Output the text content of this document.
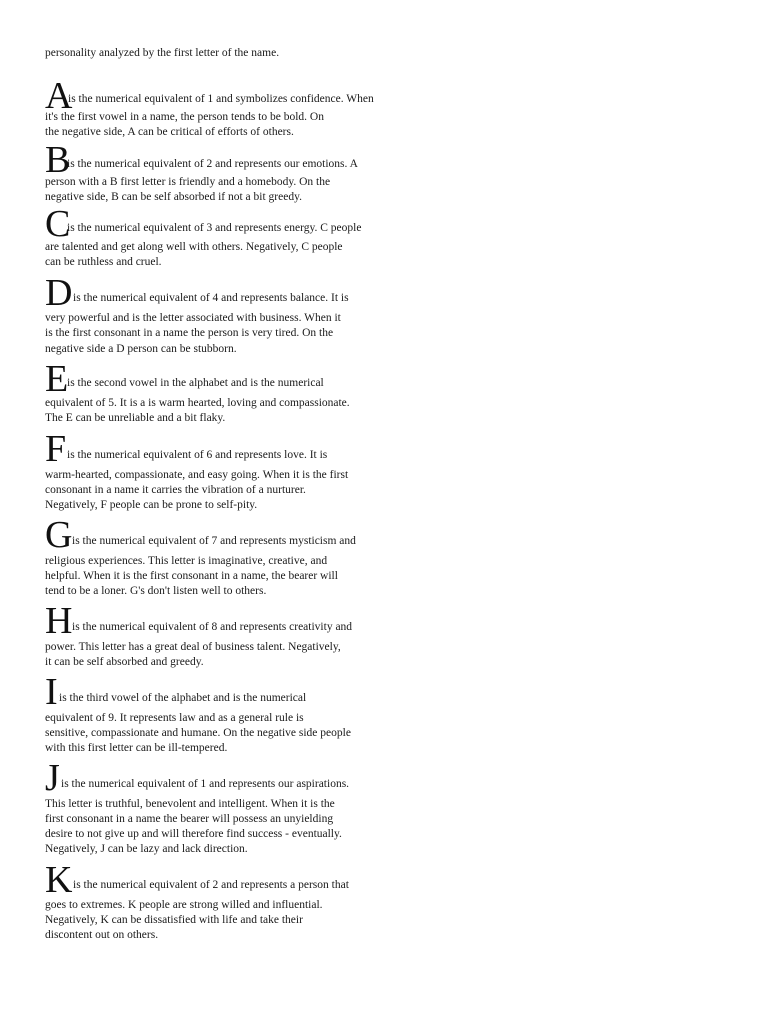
personality analyzed by the first letter of the name.
A
is the numerical equivalent of 1 and symbolizes confidence. When
it's the first vowel in a name, the person tends to be bold. On
the negative side, A can be critical of efforts of others.
B
is the numerical equivalent of 2 and represents our emotions. A
person with a B first letter is friendly and a homebody. On the
negative side, B can be self absorbed if not a bit greedy.
C
is the numerical equivalent of 3 and represents energy. C people
are talented and get along well with others. Negatively, C people
can be ruthless and cruel.
D is the numerical equivalent of 4 and represents balance. It is
very powerful and is the letter associated with business. When it
is the first consonant in a name the person is very tired. On the
negative side a D person can be stubborn.
E
is the second vowel in the alphabet and is the numerical
equivalent of 5. It is a is warm hearted, loving and compassionate.
The E can be unreliable and a bit flaky.
F is the numerical equivalent of 6 and represents love. It is
warm-hearted, compassionate, and easy going. When it is the first
consonant in a name it carries the vibration of a nurturer.
Negatively, F people can be prone to self-pity.
G is the numerical equivalent of 7 and represents mysticism and
religious experiences. This letter is imaginative, creative, and
helpful. When it is the first consonant in a name, the bearer will
tend to be a loner. G's don't listen well to others.
H is the numerical equivalent of 8 and represents creativity and
power. This letter has a great deal of business talent. Negatively,
it can be self absorbed and greedy.
I is the third vowel of the alphabet and is the numerical
equivalent of 9. It represents law and as a general rule is
sensitive, compassionate and humane. On the negative side people
with this first letter can be ill-tempered.
J is the numerical equivalent of 1 and represents our aspirations.
This letter is truthful, benevolent and intelligent. When it is the
first consonant in a name the bearer will possess an unyielding
desire to not give up and will therefore find success - eventually.
Negatively, J can be lazy and lack direction.
K is the numerical equivalent of 2 and represents a person that
goes to extremes. K people are strong willed and influential.
Negatively, K can be dissatisfied with life and take their
discontent out on others.
